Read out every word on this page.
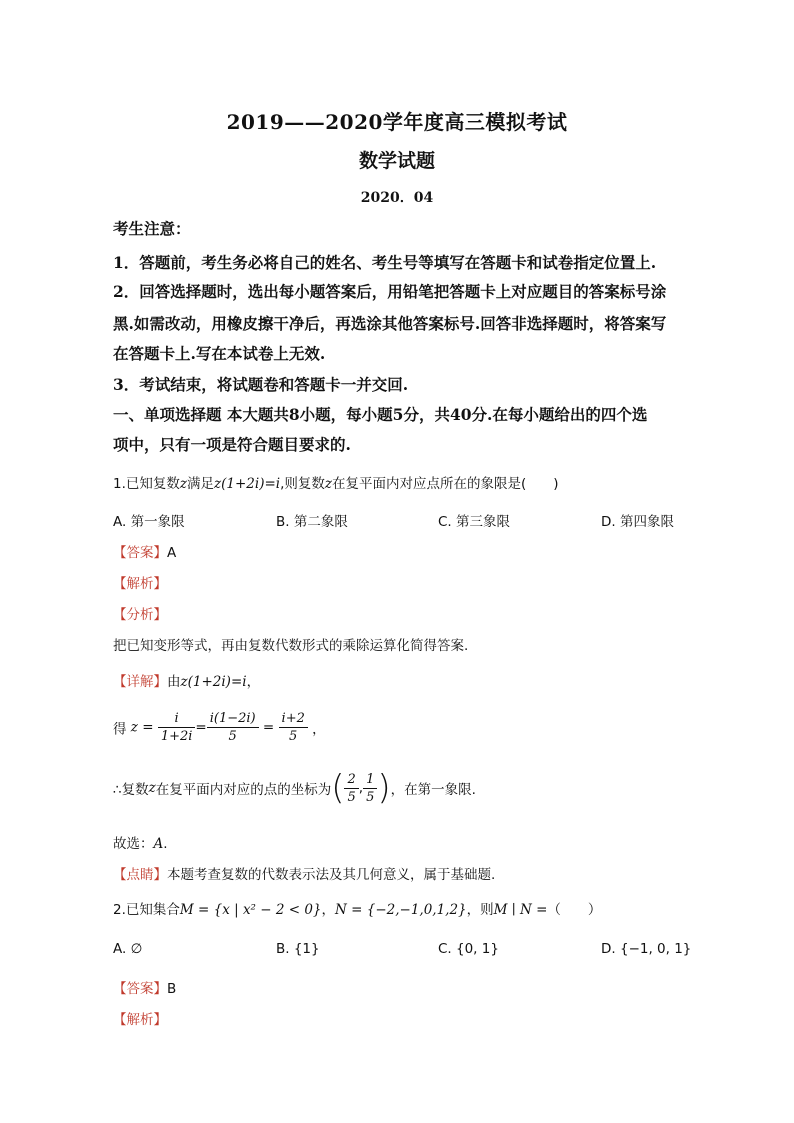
2019——2020学年度高三模拟考试
数学试题
2020．04
考生注意：
1．答题前，考生务必将自己的姓名、考生号等填写在答题卡和试卷指定位置上.
2．回答选择题时，选出每小题答案后，用铅笔把答题卡上对应题目的答案标号涂
黑.如需改动，用橡皮擦干净后，再选涂其他答案标号.回答非选择题时，将答案写
在答题卡上.写在本试卷上无效.
3．考试结束，将试题卷和答题卡一并交回.
一、单项选择题 本大题共8小题，每小题5分，共40分.在每小题给出的四个选
项中，只有一项是符合题目要求的.
1.已知复数z满足z(1+2i)=i,则复数z在复平面内对应点所在的象限是(　　)
A. 第一象限	B. 第二象限	C. 第三象限	D. 第四象限
【答案】A
【解析】
【分析】
把已知变形等式，再由复数代数形式的乘除运算化简得答案.
【详解】由z(1+2i)=i，
得 $z = \frac{i}{1+2i} = \frac{i(1-2i)}{5} = \frac{i+2}{5}$ ，
∴复数z在复平面内对应的点的坐标为( $\frac{2}{5}$ , $\frac{1}{5}$ )，在第一象限.
故选：A.
【点睛】本题考查复数的代数表示法及其几何意义，属于基础题.
2.已知集合M = {x | x² − 2 < 0}，N = {−2,−1,0,1,2}，则M ∣ N =（　　）
A. ∅	B. {1}	C. {0, 1}	D. {−1, 0, 1}
【答案】B
【解析】
